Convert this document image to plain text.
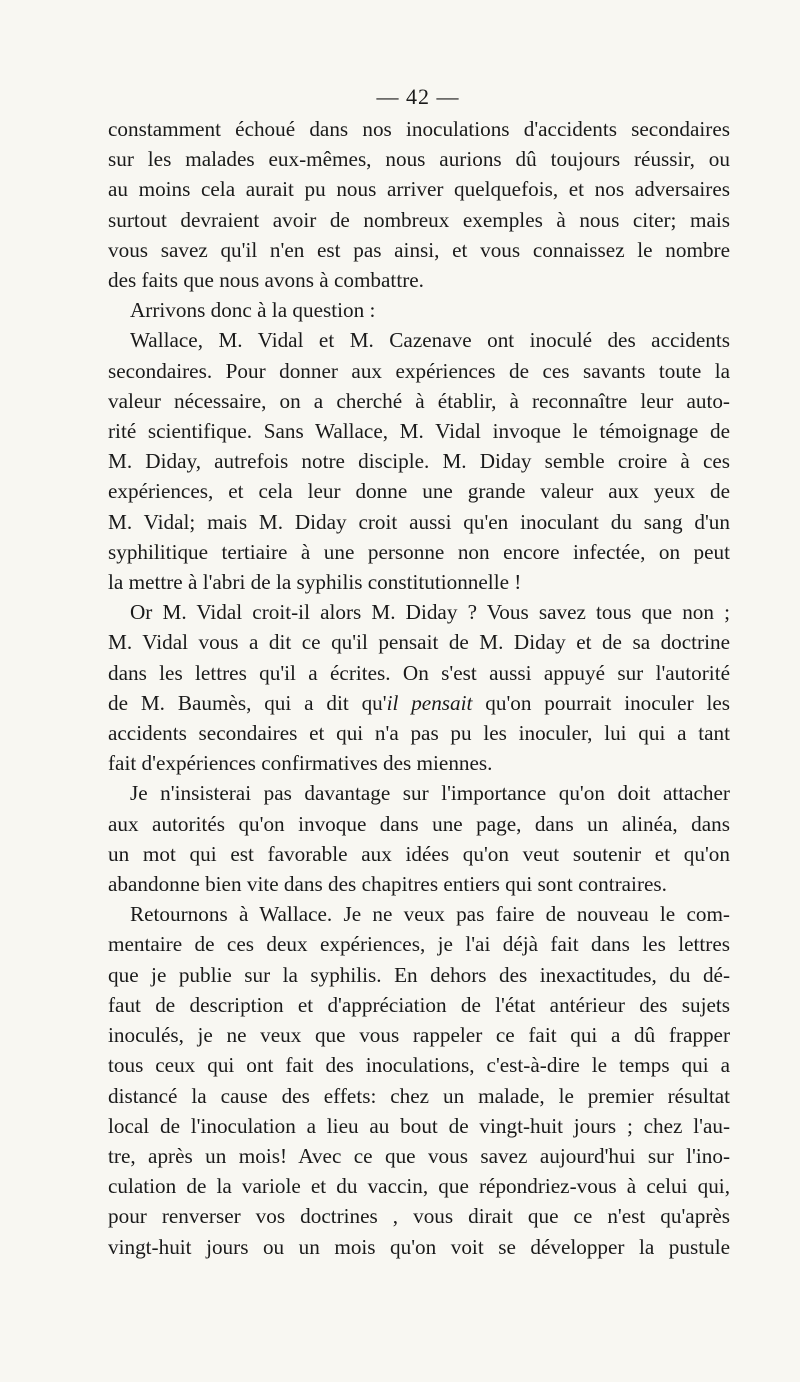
— 42 —
constamment échoué dans nos inoculations d'accidents secondaires
sur les malades eux-mêmes, nous aurions dû toujours réussir, ou
au moins cela aurait pu nous arriver quelquefois, et nos adversaires
surtout devraient avoir de nombreux exemples à nous citer; mais
vous savez qu'il n'en est pas ainsi, et vous connaissez le nombre
des faits que nous avons à combattre.
Arrivons donc à la question :
Wallace, M. Vidal et M. Cazenave ont inoculé des accidents
secondaires. Pour donner aux expériences de ces savants toute la
valeur nécessaire, on a cherché à établir, à reconnaître leur auto-
rité scientifique. Sans Wallace, M. Vidal invoque le témoignage de
M. Diday, autrefois notre disciple. M. Diday semble croire à ces
expériences, et cela leur donne une grande valeur aux yeux de
M. Vidal; mais M. Diday croit aussi qu'en inoculant du sang d'un
syphilitique tertiaire à une personne non encore infectée, on peut
la mettre à l'abri de la syphilis constitutionnelle !
Or M. Vidal croit-il alors M. Diday ? Vous savez tous que non ;
M. Vidal vous a dit ce qu'il pensait de M. Diday et de sa doctrine
dans les lettres qu'il a écrites. On s'est aussi appuyé sur l'autorité
de M. Baumès, qui a dit qu'il pensait qu'on pourrait inoculer les
accidents secondaires et qui n'a pas pu les inoculer, lui qui a tant
fait d'expériences confirmatives des miennes.
Je n'insisterai pas davantage sur l'importance qu'on doit attacher
aux autorités qu'on invoque dans une page, dans un alinéa, dans
un mot qui est favorable aux idées qu'on veut soutenir et qu'on
abandonne bien vite dans des chapitres entiers qui sont contraires.
Retournons à Wallace. Je ne veux pas faire de nouveau le com-
mentaire de ces deux expériences, je l'ai déjà fait dans les lettres
que je publie sur la syphilis. En dehors des inexactitudes, du dé-
faut de description et d'appréciation de l'état antérieur des sujets
inoculés, je ne veux que vous rappeler ce fait qui a dû frapper
tous ceux qui ont fait des inoculations, c'est-à-dire le temps qui a
distancé la cause des effets: chez un malade, le premier résultat
local de l'inoculation a lieu au bout de vingt-huit jours ; chez l'au-
tre, après un mois! Avec ce que vous savez aujourd'hui sur l'ino-
culation de la variole et du vaccin, que répondriez-vous à celui qui,
pour renverser vos doctrines , vous dirait que ce n'est qu'après
vingt-huit jours ou un mois qu'on voit se développer la pustule
